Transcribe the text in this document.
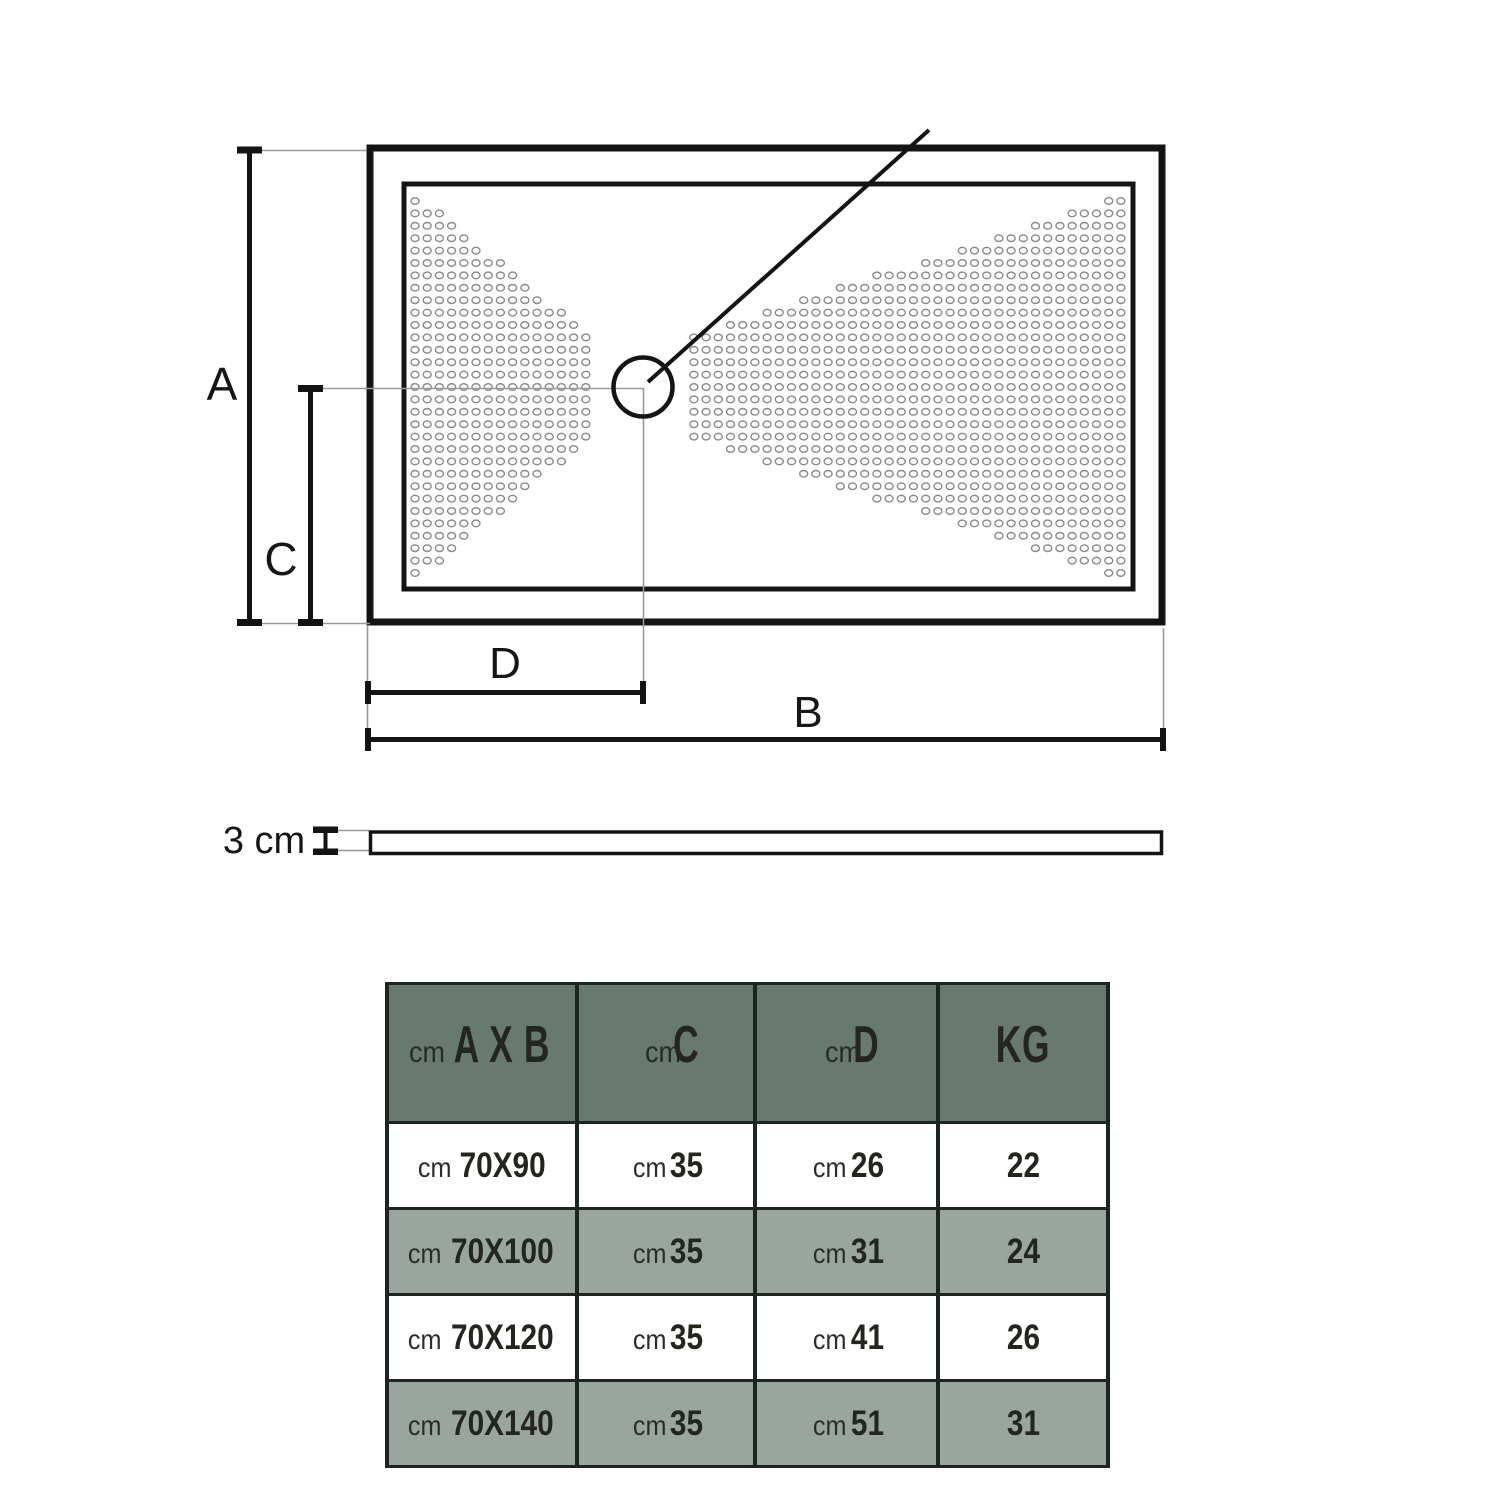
A
C
D
B
3 cm
cm A X B	cmC	cmD	KG
cm 70X90	cm 35	cm 26	22
cm 70X100	cm 35	cm 31	24
cm 70X120	cm 35	cm 41	26
cm 70X140	cm 35	cm 51	31
